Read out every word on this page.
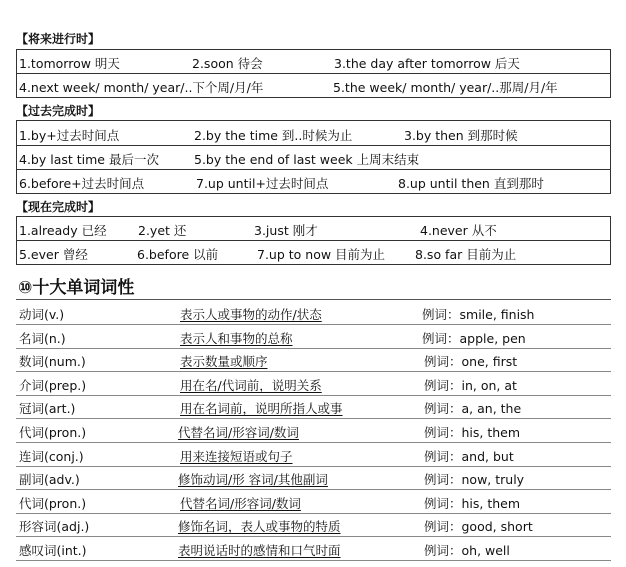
【将来进行时】
1.tomorrow 明天	2.soon 待会	3.the day after tomorrow 后天
4.next week/ month/ year/..下个周/月/年	5.the week/ month/ year/..那周/月/年
【过去完成时】
1.by+过去时间点	2.by the time 到..时候为止	3.by then 到那时候
4.by last time 最后一次	5.by the end of last week 上周末结束
6.before+过去时间点	7.up until+过去时间点	8.up until then 直到那时
【现在完成时】
1.already 已经	2.yet 还	3.just 刚才	4.never 从不
5.ever 曾经	6.before 以前	7.up to now 目前为止 8.so far 目前为止
⑩十大单词词性
动词(v.)	表示人或事物的动作/状态	例词：smile, finish
名词(n.)	表示人和事物的总称	例词：apple, pen
数词(num.)	表示数量或顺序	例词：one, first
介词(prep.)	用在名/代词前，说明关系	例词：in, on, at
冠词(art.)	用在名词前，说明所指人或事	例词：a, an, the
代词(pron.)	代替名词/形容词/数词	例词：his, them
连词(conj.)	用来连接短语或句子	例词：and, but
副词(adv.)	修饰动词/形 容词/其他副词	例词：now, truly
代词(pron.)	代替名词/形容词/数词	例词：his, them
形容词(adj.)	修饰名词，表人或事物的特质	例词：good, short
感叹词(int.)	表明说话时的感情和口气时面	例词：oh, well
